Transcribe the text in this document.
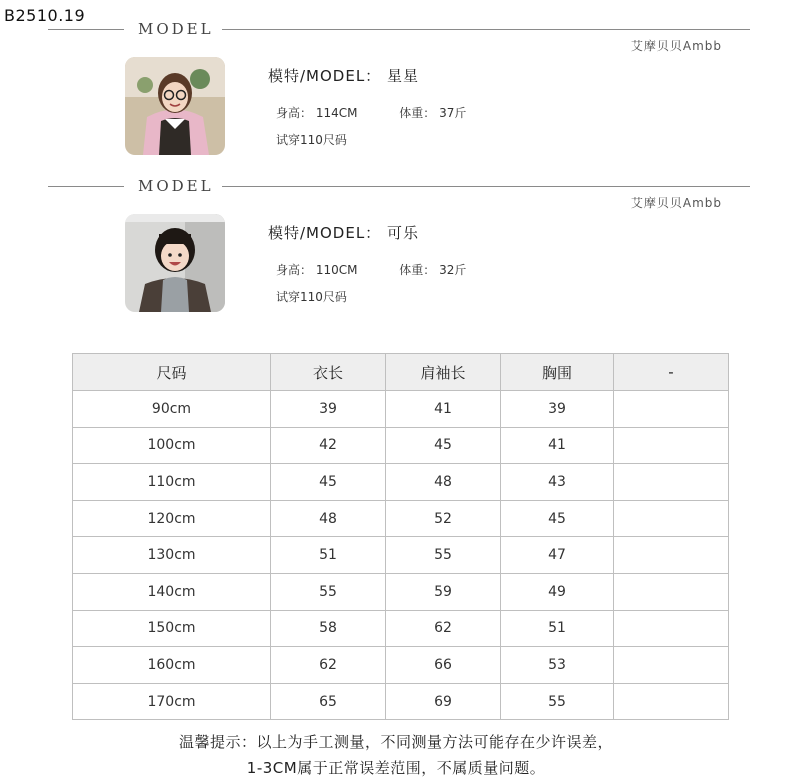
B2510.19
MODEL
艾摩贝贝Ambb
模特/MODEL： 星星
身高： 114CM	体重： 37斤
试穿110尺码
MODEL
艾摩贝贝Ambb
模特/MODEL： 可乐
身高： 110CM	体重： 32斤
试穿110尺码
尺码	衣长	肩袖长	胸围	-
90cm	39	41	39	
100cm	42	45	41	
110cm	45	48	43	
120cm	48	52	45	
130cm	51	55	47	
140cm	55	59	49	
150cm	58	62	51	
160cm	62	66	53	
170cm	65	69	55	
温馨提示：以上为手工测量，不同测量方法可能存在少许误差，
1-3CM属于正常误差范围，不属质量问题。
